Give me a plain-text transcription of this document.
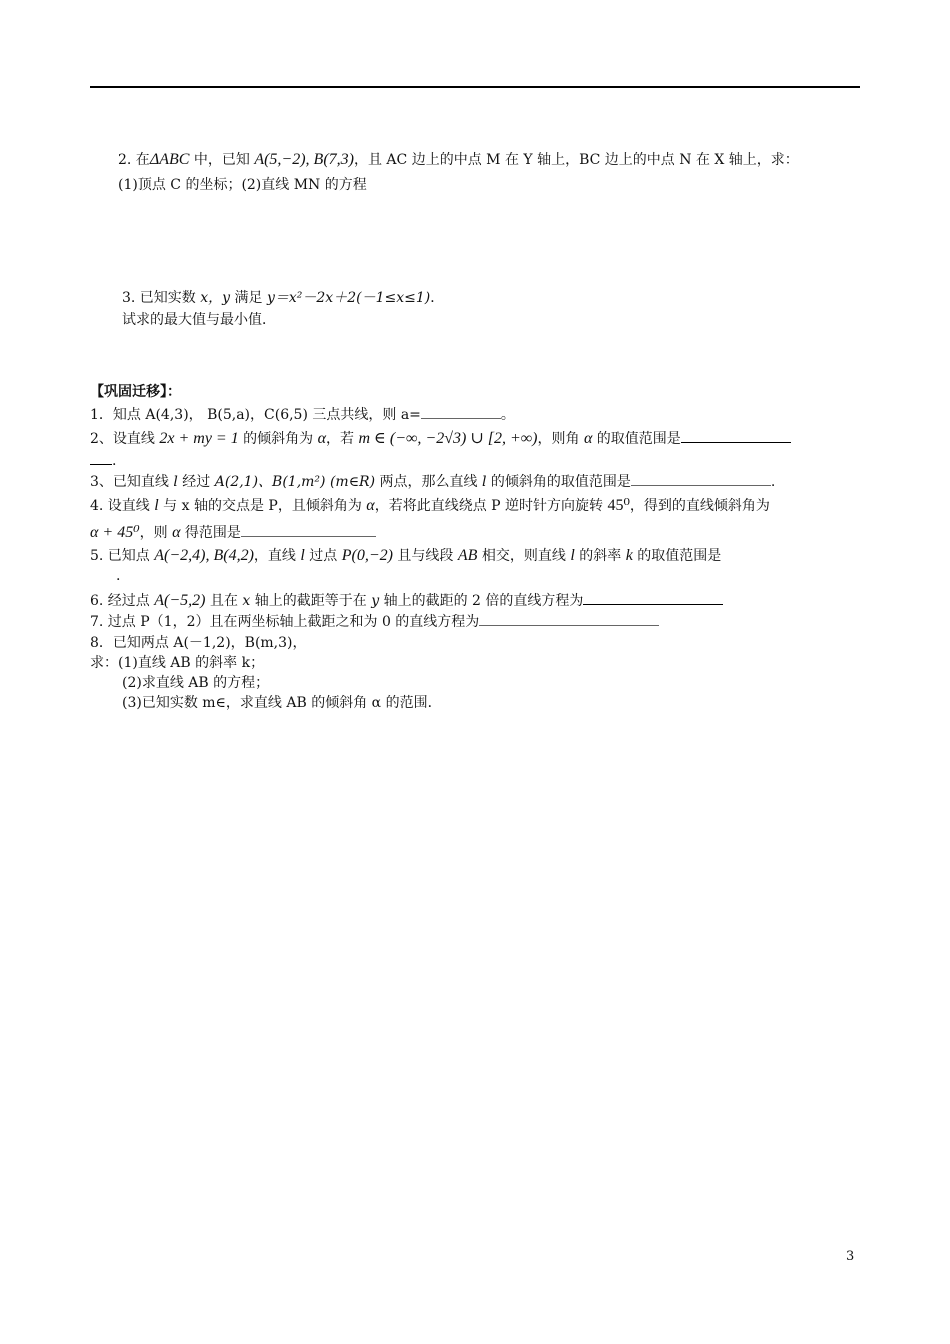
2. 在ΔABC 中，已知 A(5,−2), B(7,3)，且 AC 边上的中点 M 在 Y 轴上，BC 边上的中点 N 在 X 轴上，求：
(1)顶点 C 的坐标；(2)直线 MN 的方程
3. 已知实数 x，y 满足 y＝x²－2x＋2(－1≤x≤1)．
试求的最大值与最小值．
【巩固迁移】：
1．知点 A(4,3)， B(5,a)，C(6,5) 三点共线，则 a=	。
2、设直线 2x + my = 1 的倾斜角为 α，若 m ∈ (−∞, −2√3) ∪ [2, +∞)，则角 α 的取值范围是
.
3、已知直线 l 经过 A(2,1)、B(1,m²) (m∈R) 两点，那么直线 l 的倾斜角的取值范围是	.
4. 设直线 l 与 x 轴的交点是 P，且倾斜角为 α，若将此直线绕点 P 逆时针方向旋转 45⁰，得到的直线倾斜角为
α + 45⁰，则 α 得范围是
5. 已知点 A(−2,4), B(4,2)，直线 l 过点 P(0,−2) 且与线段 AB 相交，则直线 l 的斜率 k 的取值范围是
.
6. 经过点 A(−5,2) 且在 x 轴上的截距等于在 y 轴上的截距的 2 倍的直线方程为
7. 过点 P（1，2）且在两坐标轴上截距之和为 0 的直线方程为
8．已知两点 A(－1,2)，B(m,3)，
求：(1)直线 AB 的斜率 k；
(2)求直线 AB 的方程；
(3)已知实数 m∈，求直线 AB 的倾斜角 α 的范围．
3
